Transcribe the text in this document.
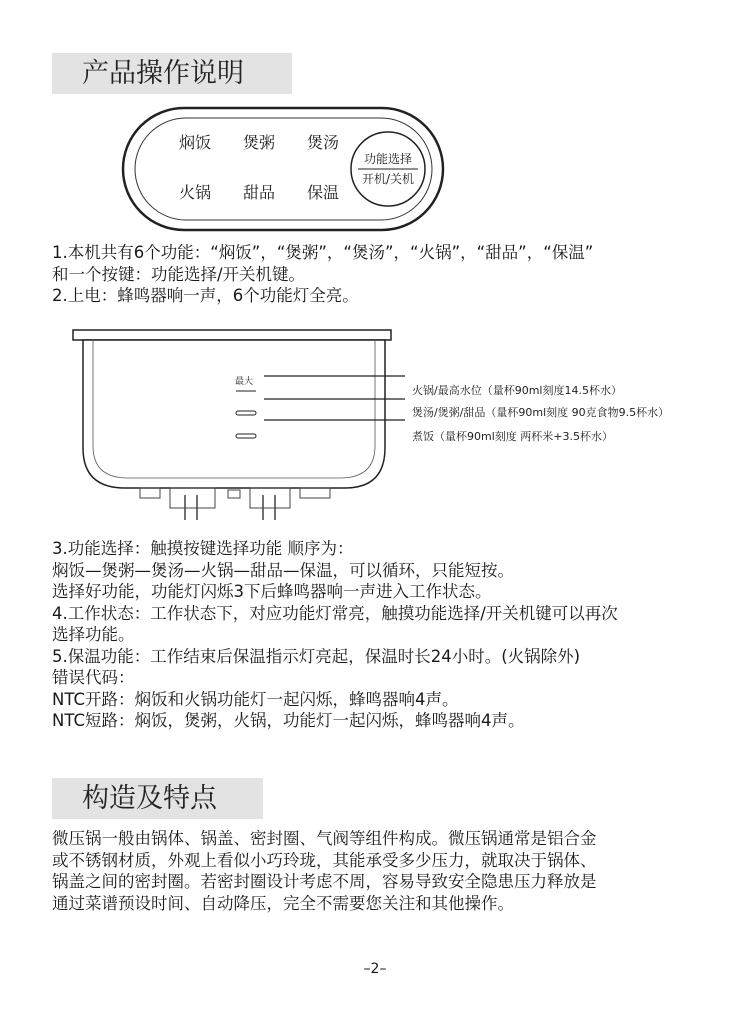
产品操作说明
焖饭 煲粥 煲汤
火锅 甜品 保温
功能选择
开机/关机
1.本机共有6个功能：“焖饭”，“煲粥”，“煲汤”，“火锅”，“甜品”，“保温”
和一个按键：功能选择/开关机键。
2.上电：蜂鸣器响一声，6个功能灯全亮。
最大
火锅/最高水位（量杯90ml刻度14.5杯水）
煲汤/煲粥/甜品（量杯90ml刻度 90克食物9.5杯水）
煮饭（量杯90ml刻度 两杯米+3.5杯水）
3.功能选择：触摸按键选择功能 顺序为：
焖饭—煲粥—煲汤—火锅—甜品—保温，可以循环，只能短按。
选择好功能，功能灯闪烁3下后蜂鸣器响一声进入工作状态。
4.工作状态：工作状态下，对应功能灯常亮，触摸功能选择/开关机键可以再次
选择功能。
5.保温功能：工作结束后保温指示灯亮起，保温时长24小时。(火锅除外)
错误代码：
NTC开路：焖饭和火锅功能灯一起闪烁，蜂鸣器响4声。
NTC短路：焖饭，煲粥，火锅，功能灯一起闪烁，蜂鸣器响4声。
构造及特点
微压锅一般由锅体、锅盖、密封圈、气阀等组件构成。微压锅通常是铝合金
或不锈钢材质，外观上看似小巧玲珑，其能承受多少压力，就取决于锅体、
锅盖之间的密封圈。若密封圈设计考虑不周，容易导致安全隐患压力释放是
通过菜谱预设时间、自动降压，完全不需要您关注和其他操作。
–2–
